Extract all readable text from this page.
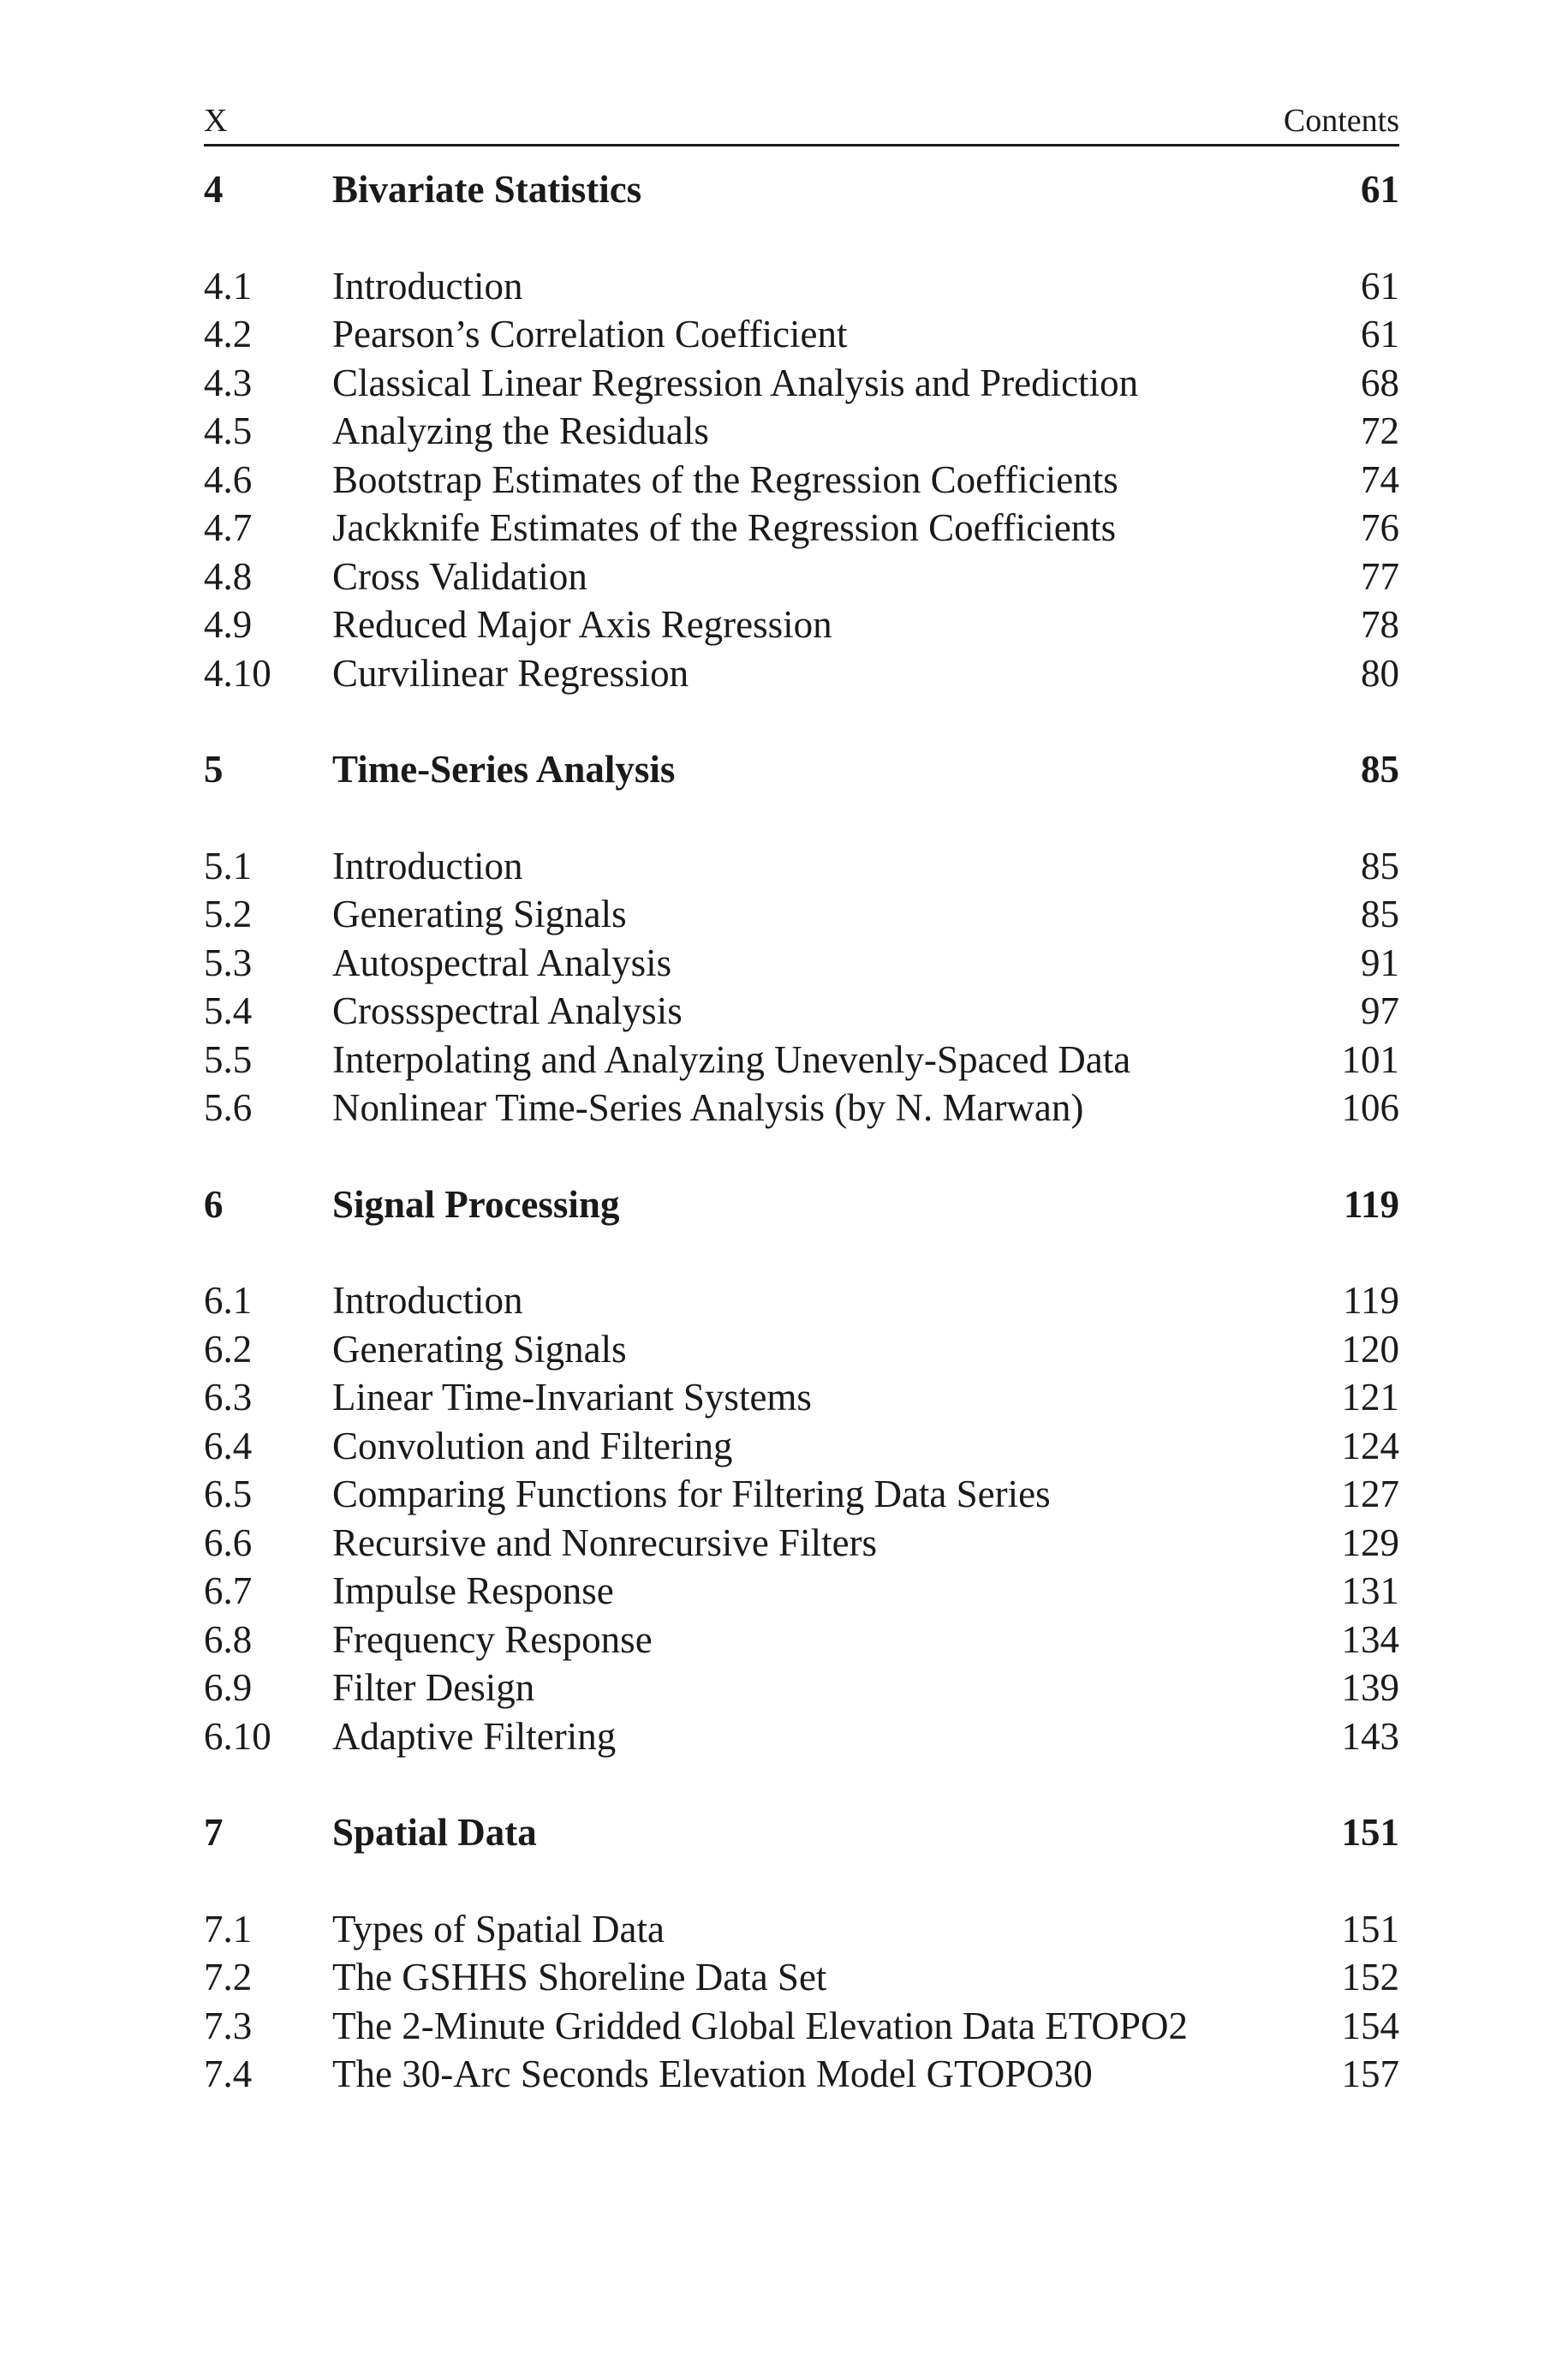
X	Contents
4	Bivariate Statistics	61
4.1	Introduction	61
4.2	Pearson’s Correlation Coefficient	61
4.3	Classical Linear Regression Analysis and Prediction	68
4.5	Analyzing the Residuals	72
4.6	Bootstrap Estimates of the Regression Coefficients	74
4.7	Jackknife Estimates of the Regression Coefficients	76
4.8	Cross Validation	77
4.9	Reduced Major Axis Regression	78
4.10	Curvilinear Regression	80
5	Time-Series Analysis	85
5.1	Introduction	85
5.2	Generating Signals	85
5.3	Autospectral Analysis	91
5.4	Crossspectral Analysis	97
5.5	Interpolating and Analyzing Unevenly-Spaced Data	101
5.6	Nonlinear Time-Series Analysis (by N. Marwan)	106
6	Signal Processing	119
6.1	Introduction	119
6.2	Generating Signals	120
6.3	Linear Time-Invariant Systems	121
6.4	Convolution and Filtering	124
6.5	Comparing Functions for Filtering Data Series	127
6.6	Recursive and Nonrecursive Filters	129
6.7	Impulse Response	131
6.8	Frequency Response	134
6.9	Filter Design	139
6.10	Adaptive Filtering	143
7	Spatial Data	151
7.1	Types of Spatial Data	151
7.2	The GSHHS Shoreline Data Set	152
7.3	The 2-Minute Gridded Global Elevation Data ETOPO2	154
7.4	The 30-Arc Seconds Elevation Model GTOPO30	157
